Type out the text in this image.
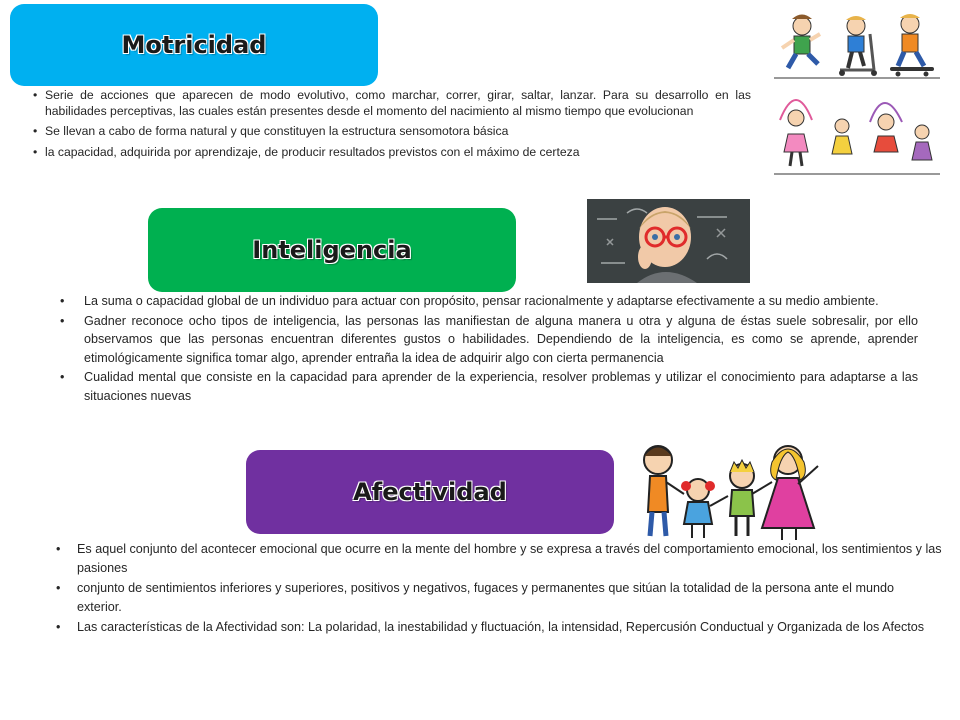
Motricidad
• Serie de acciones que aparecen de modo evolutivo, como marchar, correr, girar, saltar, lanzar. Para su desarrollo en las habilidades perceptivas, las cuales están presentes desde el momento del nacimiento al mismo tiempo que evolucionan
• Se llevan a cabo de forma natural y que constituyen la estructura sensomotora básica
• la capacidad, adquirida por aprendizaje, de producir resultados previstos con el máximo de certeza
Inteligencia
• La suma o capacidad global de un individuo para actuar con propósito, pensar racionalmente y adaptarse efectivamente a su medio ambiente.
• Gadner reconoce ocho tipos de inteligencia, las personas las manifiestan de alguna manera u otra y alguna de éstas suele sobresalir, por ello observamos que las personas encuentran diferentes gustos o habilidades. Dependiendo de la inteligencia, es como se aprende, aprender etimológicamente significa tomar algo, aprender entraña la idea de adquirir algo con cierta permanencia
• Cualidad mental que consiste en la capacidad para aprender de la experiencia, resolver problemas y utilizar el conocimiento para adaptarse a las situaciones nuevas
Afectividad
• Es aquel conjunto del acontecer emocional que ocurre en la mente del hombre y se expresa a través del comportamiento emocional, los sentimientos y las pasiones
• conjunto de sentimientos inferiores y superiores, positivos y negativos, fugaces y permanentes que sitúan la totalidad de la persona ante el mundo exterior.
• Las características de la Afectividad son: La polaridad, la inestabilidad y fluctuación, la intensidad, Repercusión Conductual y Organizada de los Afectos
